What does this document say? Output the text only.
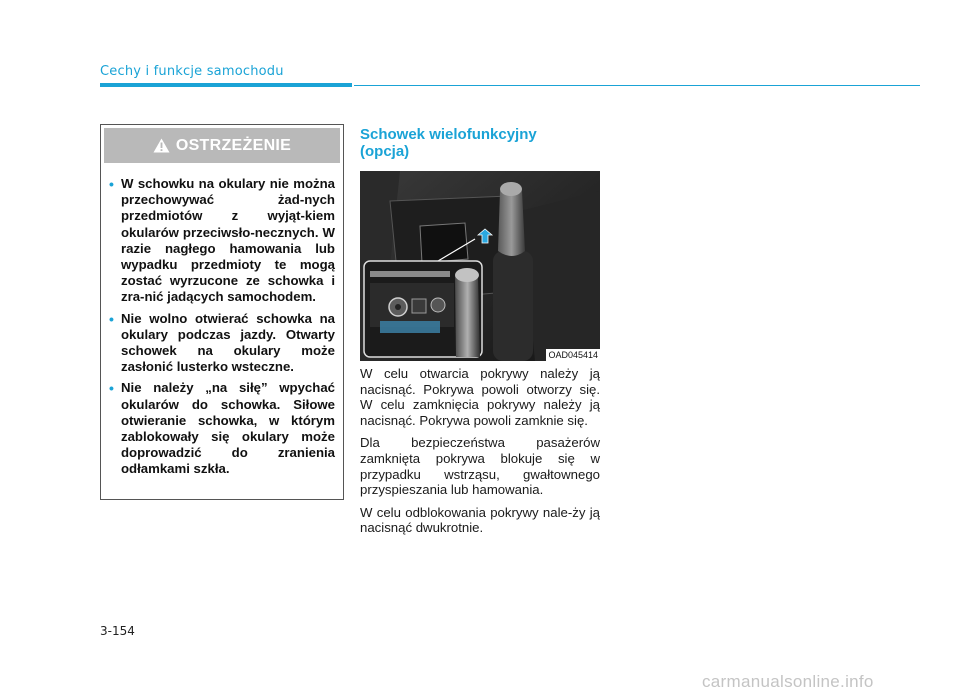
Cechy i funkcje samochodu
OSTRZEŻENIE
• W schowku na okulary nie można przechowywać żad-nych przedmiotów z wyjąt-kiem okularów przeciwsło-necznych. W razie nagłego hamowania lub wypadku przedmioty te mogą zostać wyrzucone ze schowka i zra-nić jadących samochodem.
• Nie wolno otwierać schowka na okulary podczas jazdy. Otwarty schowek na okulary może zasłonić lusterko wsteczne.
• Nie należy „na siłę” wpychać okularów do schowka. Siłowe otwieranie schowka, w którym zablokowały się okulary może doprowadzić do zranienia odłamkami szkła.
Schowek wielofunkcyjny
(opcja)
OAD045414

W celu otwarcia pokrywy należy ją nacisnąć. Pokrywa powoli otworzy się. W celu zamknięcia pokrywy należy ją nacisnąć. Pokrywa powoli zamknie się.

Dla bezpieczeństwa pasażerów zamknięta pokrywa blokuje się w przypadku wstrząsu, gwałtownego przyspieszania lub hamowania.

W celu odblokowania pokrywy nale-ży ją nacisnąć dwukrotnie.

3-154
carmanualsonline.info
